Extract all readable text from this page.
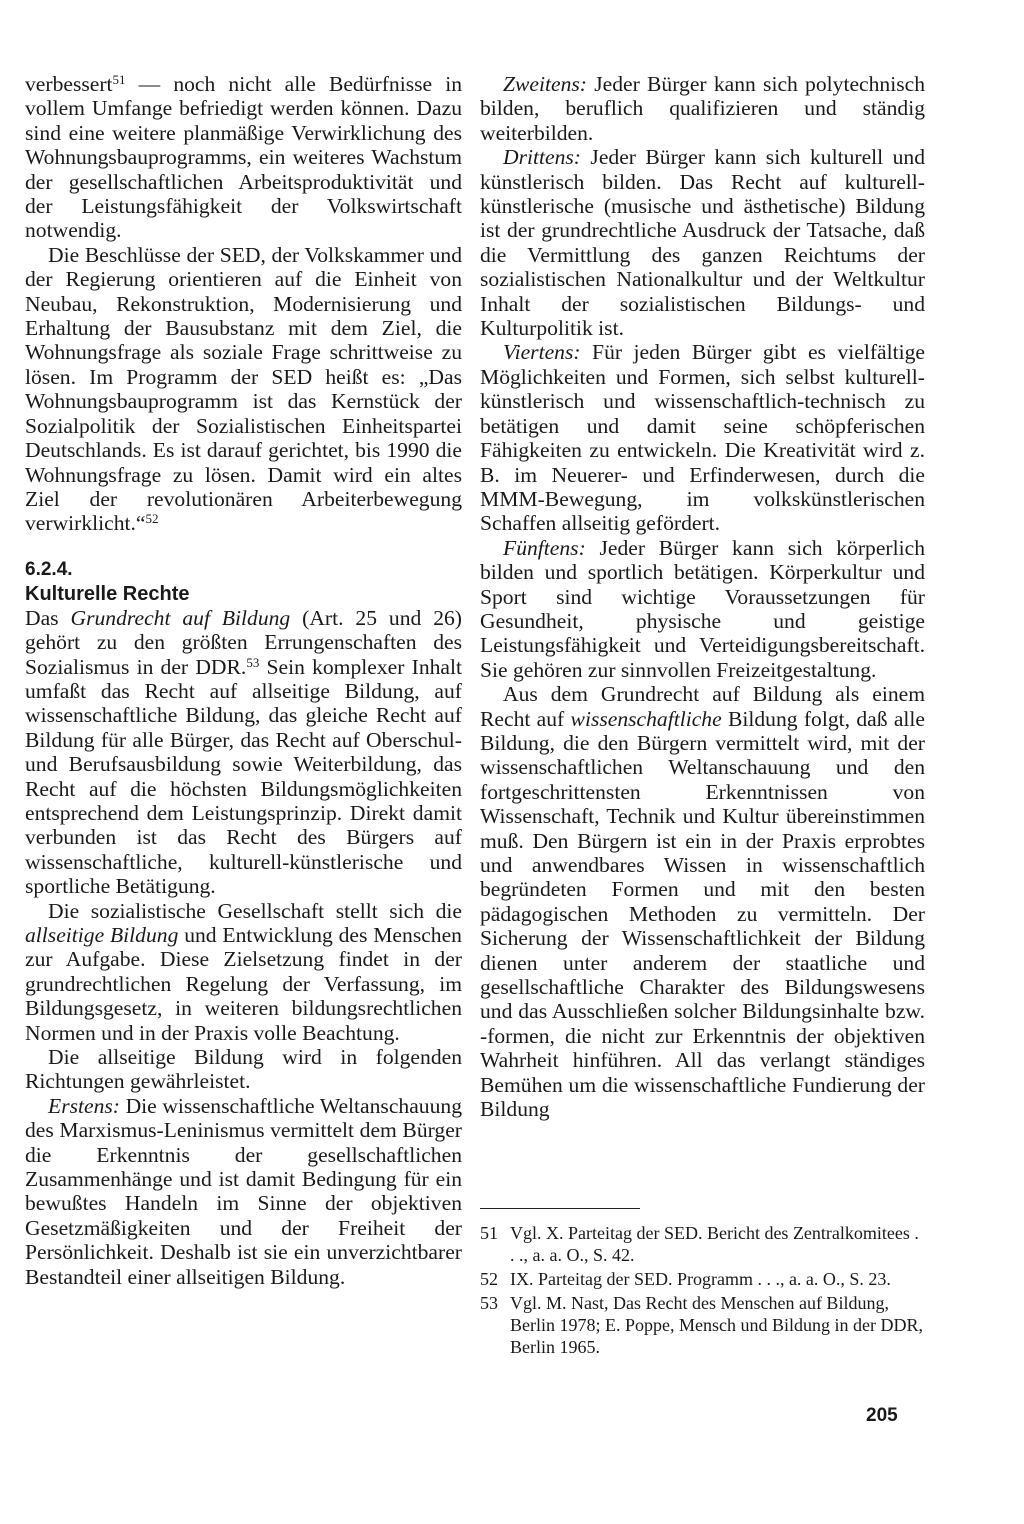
verbessert$^{51}$ — noch nicht alle Bedürfnisse in vollem Umfange befriedigt werden können. Dazu sind eine weitere planmäßige Verwirklichung des Wohnungsbauprogramms, ein weiteres Wachstum der gesellschaftlichen Arbeitsproduktivität und der Leistungsfähigkeit der Volkswirtschaft notwendig.

Die Beschlüsse der SED, der Volkskammer und der Regierung orientieren auf die Einheit von Neubau, Rekonstruktion, Modernisierung und Erhaltung der Bausubstanz mit dem Ziel, die Wohnungsfrage als soziale Frage schrittweise zu lösen. Im Programm der SED heißt es: „Das Wohnungsbauprogramm ist das Kernstück der Sozialpolitik der Sozialistischen Einheitspartei Deutschlands. Es ist darauf gerichtet, bis 1990 die Wohnungsfrage zu lösen. Damit wird ein altes Ziel der revolutionären Arbeiterbewegung verwirklicht.“$^{52}$

6.2.4.
Kulturelle Rechte

Das Grundrecht auf Bildung (Art. 25 und 26) gehört zu den größten Errungenschaften des Sozialismus in der DDR.$^{53}$ Sein komplexer Inhalt umfaßt das Recht auf allseitige Bildung, auf wissenschaftliche Bildung, das gleiche Recht auf Bildung für alle Bürger, das Recht auf Oberschul- und Berufsausbildung sowie Weiterbildung, das Recht auf die höchsten Bildungsmöglichkeiten entsprechend dem Leistungsprinzip. Direkt damit verbunden ist das Recht des Bürgers auf wissenschaftliche, kulturell-künstlerische und sportliche Betätigung.

Die sozialistische Gesellschaft stellt sich die allseitige Bildung und Entwicklung des Menschen zur Aufgabe. Diese Zielsetzung findet in der grundrechtlichen Regelung der Verfassung, im Bildungsgesetz, in weiteren bildungsrechtlichen Normen und in der Praxis volle Beachtung.

Die allseitige Bildung wird in folgenden Richtungen gewährleistet.

Erstens: Die wissenschaftliche Weltanschauung des Marxismus-Leninismus vermittelt dem Bürger die Erkenntnis der gesellschaftlichen Zusammenhänge und ist damit Bedingung für ein bewußtes Handeln im Sinne der objektiven Gesetzmäßigkeiten und der Freiheit der Persönlichkeit. Deshalb ist sie ein unverzichtbarer Bestandteil einer allseitigen Bildung.

Zweitens: Jeder Bürger kann sich polytechnisch bilden, beruflich qualifizieren und ständig weiterbilden.

Drittens: Jeder Bürger kann sich kulturell und künstlerisch bilden. Das Recht auf kulturell-künstlerische (musische und ästhetische) Bildung ist der grundrechtliche Ausdruck der Tatsache, daß die Vermittlung des ganzen Reichtums der sozialistischen Nationalkultur und der Weltkultur Inhalt der sozialistischen Bildungs- und Kulturpolitik ist.

Viertens: Für jeden Bürger gibt es vielfältige Möglichkeiten und Formen, sich selbst kulturell-künstlerisch und wissenschaftlich-technisch zu betätigen und damit seine schöpferischen Fähigkeiten zu entwickeln. Die Kreativität wird z. B. im Neuerer- und Erfinderwesen, durch die MMM-Bewegung, im volkskünstlerischen Schaffen allseitig gefördert.

Fünftens: Jeder Bürger kann sich körperlich bilden und sportlich betätigen. Körperkultur und Sport sind wichtige Voraussetzungen für Gesundheit, physische und geistige Leistungsfähigkeit und Verteidigungsbereitschaft. Sie gehören zur sinnvollen Freizeitgestaltung.

Aus dem Grundrecht auf Bildung als einem Recht auf wissenschaftliche Bildung folgt, daß alle Bildung, die den Bürgern vermittelt wird, mit der wissenschaftlichen Weltanschauung und den fortgeschrittensten Erkenntnissen von Wissenschaft, Technik und Kultur übereinstimmen muß. Den Bürgern ist ein in der Praxis erprobtes und anwendbares Wissen in wissenschaftlich begründeten Formen und mit den besten pädagogischen Methoden zu vermitteln. Der Sicherung der Wissenschaftlichkeit der Bildung dienen unter anderem der staatliche und gesellschaftliche Charakter des Bildungswesens und das Ausschließen solcher Bildungsinhalte bzw. -formen, die nicht zur Erkenntnis der objektiven Wahrheit hinführen. All das verlangt ständiges Bemühen um die wissenschaftliche Fundierung der Bildung

51 Vgl. X. Parteitag der SED. Bericht des Zentralkomitees . . ., a. a. O., S. 42.
52 IX. Parteitag der SED. Programm . . ., a. a. O., S. 23.
53 Vgl. M. Nast, Das Recht des Menschen auf Bildung, Berlin 1978; E. Poppe, Mensch und Bildung in der DDR, Berlin 1965.
205
